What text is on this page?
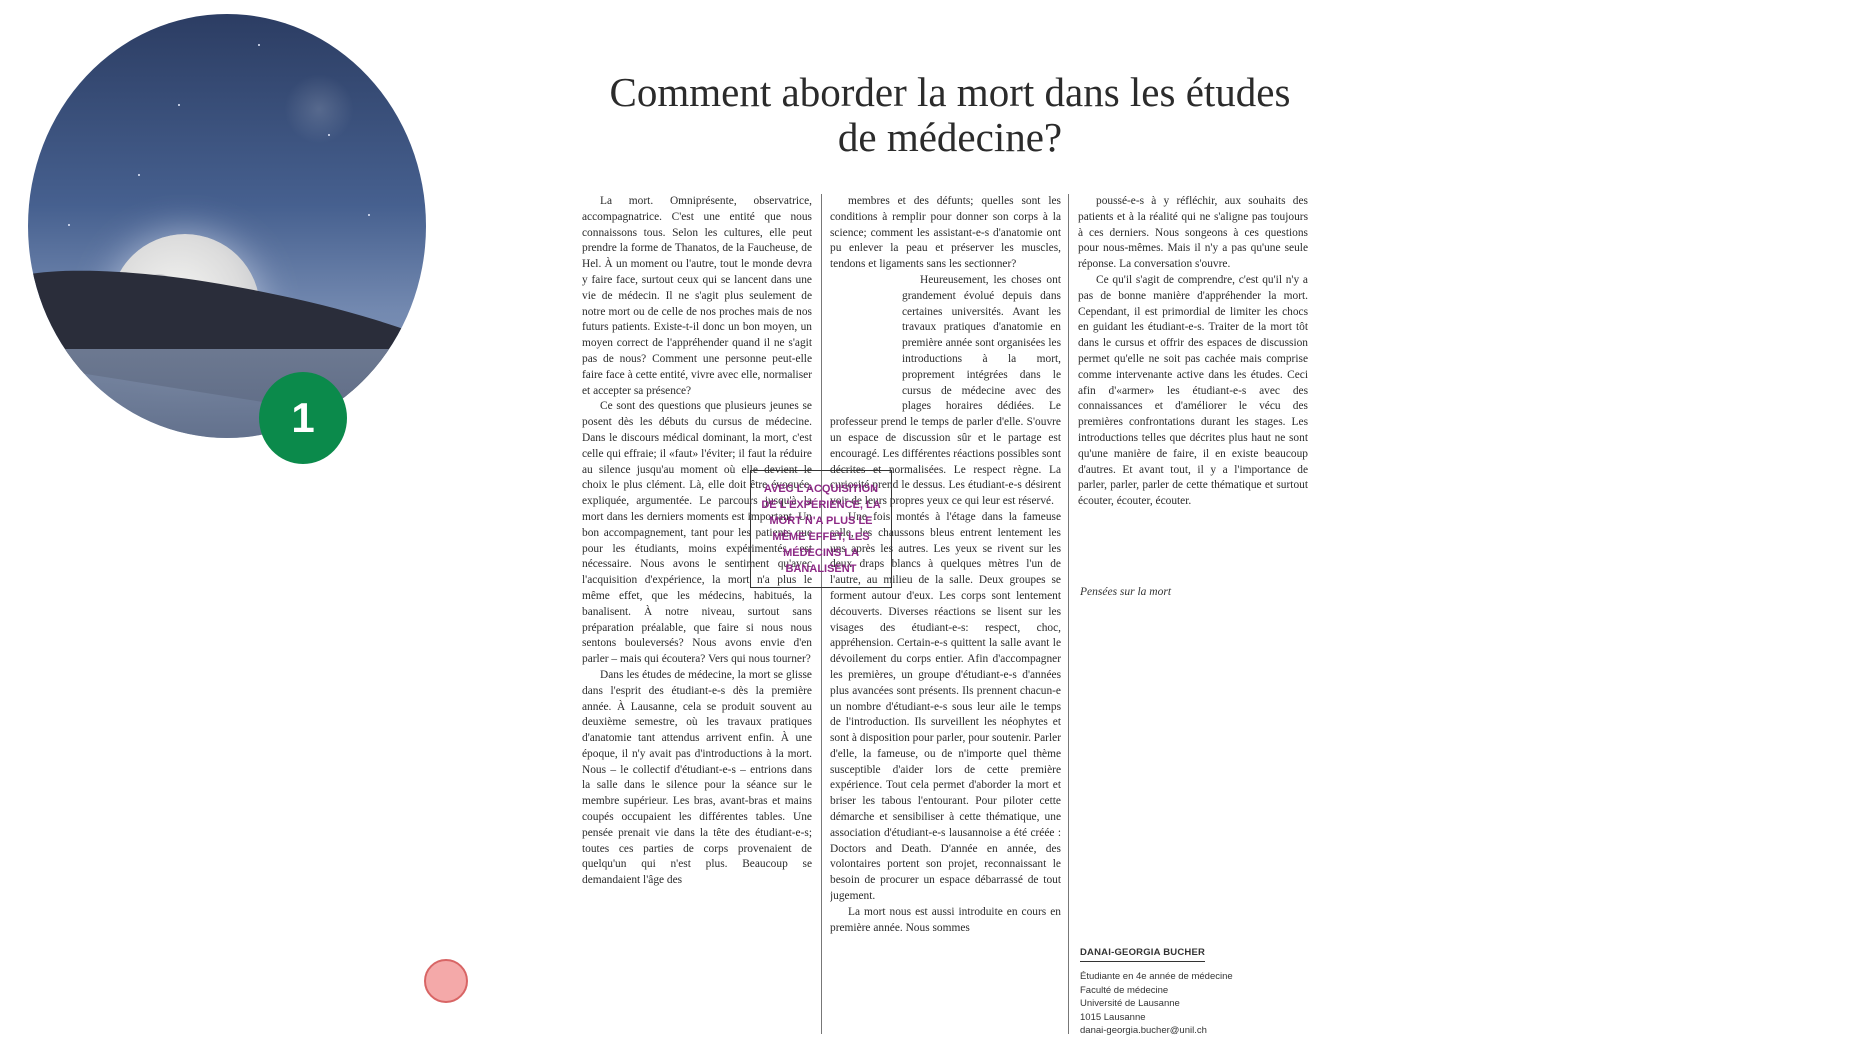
1
Comment aborder la mort dans les études
de médecine?

La mort. Omniprésente, observatrice, accompagnatrice. C'est une entité que nous connaissons tous. Selon les cultures, elle peut prendre la forme de Thanatos, de la Faucheuse, de Hel. À un moment ou l'autre, tout le monde devra y faire face, surtout ceux qui se lancent dans une vie de médecin. Il ne s'agit plus seulement de notre mort ou de celle de nos proches mais de nos futurs patients. Existe-t-il donc un bon moyen, un moyen correct de l'appréhender quand il ne s'agit pas de nous? Comment une personne peut-elle faire face à cette entité, vivre avec elle, normaliser et accepter sa présence?

Ce sont des questions que plusieurs jeunes se posent dès les débuts du cursus de médecine. Dans le discours médical dominant, la mort, c'est celle qui effraie; il «faut» l'éviter; il faut la réduire au silence jusqu'au moment où elle devient le choix le plus clément. Là, elle doit être évoquée, expliquée, argumentée. Le parcours jusqu'à la mort dans les derniers moments est important. Un bon accompagnement, tant pour les patients que pour les étudiants, moins expérimentés, est nécessaire. Nous avons le sentiment qu'avec l'acquisition d'expérience, la mort n'a plus le même effet, que les médecins, habitués, la banalisent. À notre niveau, surtout sans préparation préalable, que faire si nous nous sentons bouleversés? Nous avons envie d'en parler – mais qui écoutera? Vers qui nous tourner?

Dans les études de médecine, la mort se glisse dans l'esprit des étudiant-e-s dès la première année. À Lausanne, cela se produit souvent au deuxième semestre, où les travaux pratiques d'anatomie tant attendus arrivent enfin. À une époque, il n'y avait pas d'introductions à la mort. Nous – le collectif d'étudiant-e-s – entrions dans la salle dans le silence pour la séance sur le membre supérieur. Les bras, avant-bras et mains coupés occupaient les différentes tables. Une pensée prenait vie dans la tête des étudiant-e-s; toutes ces parties de corps provenaient de quelqu'un qui n'est plus. Beaucoup se demandaient l'âge des

membres et des défunts; quelles sont les conditions à remplir pour donner son corps à la science; comment les assistant-e-s d'anatomie ont pu enlever la peau et préserver les muscles, tendons et ligaments sans les sectionner?

Heureusement, les choses ont grandement évolué depuis dans certaines universités. Avant les travaux pratiques d'anatomie en première année sont organisées les introductions à la mort, proprement intégrées dans le cursus de médecine avec des plages horaires dédiées. Le professeur prend le temps de parler d'elle. S'ouvre un espace de discussion sûr et le partage est encouragé. Les différentes réactions possibles sont décrites et normalisées. Le respect règne. La curiosité prend le dessus. Les étudiant-e-s désirent voir de leurs propres yeux ce qui leur est réservé.

Une fois montés à l'étage dans la fameuse salle, les chaussons bleus entrent lentement les uns après les autres. Les yeux se rivent sur les deux draps blancs à quelques mètres l'un de l'autre, au milieu de la salle. Deux groupes se forment autour d'eux. Les corps sont lentement découverts. Diverses réactions se lisent sur les visages des étudiant-e-s: respect, choc, appréhension. Certain-e-s quittent la salle avant le dévoilement du corps entier. Afin d'accompagner les premières, un groupe d'étudiant-e-s d'années plus avancées sont présents. Ils prennent chacun-e un nombre d'étudiant-e-s sous leur aile le temps de l'introduction. Ils surveillent les néophytes et sont à disposition pour parler, pour soutenir. Parler d'elle, la fameuse, ou de n'importe quel thème susceptible d'aider lors de cette première expérience. Tout cela permet d'aborder la mort et briser les tabous l'entourant. Pour piloter cette démarche et sensibiliser à cette thématique, une association d'étudiant-e-s lausannoise a été créée : Doctors and Death. D'année en année, des volontaires portent son projet, reconnaissant le besoin de procurer un espace débarrassé de tout jugement.

La mort nous est aussi introduite en cours en première année. Nous sommes

AVEC L'ACQUISITION DE L'EXPÉRIENCE, LA MORT N'A PLUS LE MÊME EFFET, LES MÉDECINS LA BANALISENT

poussé-e-s à y réfléchir, aux souhaits des patients et à la réalité qui ne s'aligne pas toujours à ces derniers. Nous songeons à ces questions pour nous-mêmes. Mais il n'y a pas qu'une seule réponse. La conversation s'ouvre.

Ce qu'il s'agit de comprendre, c'est qu'il n'y a pas de bonne manière d'appréhender la mort. Cependant, il est primordial de limiter les chocs en guidant les étudiant-e-s. Traiter de la mort tôt dans le cursus et offrir des espaces de discussion permet qu'elle ne soit pas cachée mais comprise comme intervenante active dans les études. Ceci afin d'«armer» les étudiant-e-s avec des connaissances et d'améliorer le vécu des premières confrontations durant les stages. Les introductions telles que décrites plus haut ne sont qu'une manière de faire, il en existe beaucoup d'autres. Et avant tout, il y a l'importance de parler, parler, parler de cette thématique et surtout écouter, écouter, écouter.

Pensées sur la mort
DANAI-GEORGIA BUCHER
Étudiante en 4e année de médecine
Faculté de médecine
Université de Lausanne
1015 Lausanne
danai-georgia.bucher@unil.ch
